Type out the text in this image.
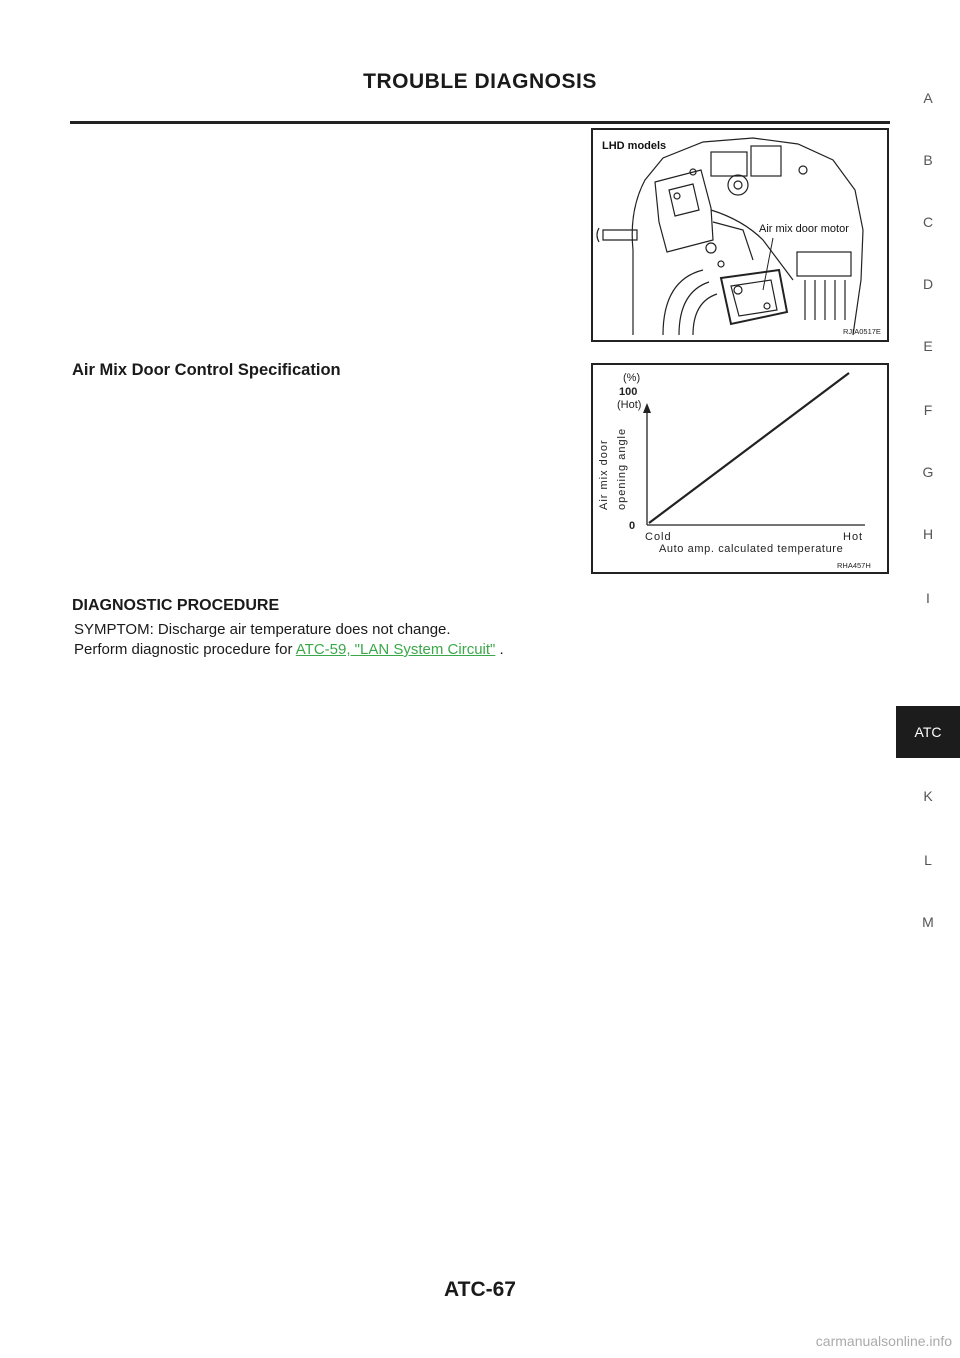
TROUBLE DIAGNOSIS
A
B
C
D
E
F
G
H
I
ATC
K
L
M
LHD models
Air mix door motor
RJIA0517E
Air Mix Door Control Specification	(%)
100
(Hot)
0
Air mix door opening angle
Cold	Hot
Auto amp. calculated temperature
RHA457H
DIAGNOSTIC PROCEDURE
SYMPTOM: Discharge air temperature does not change.
Perform diagnostic procedure for ATC-59, "LAN System Circuit" .
ATC-67
carmanualsonline.info
